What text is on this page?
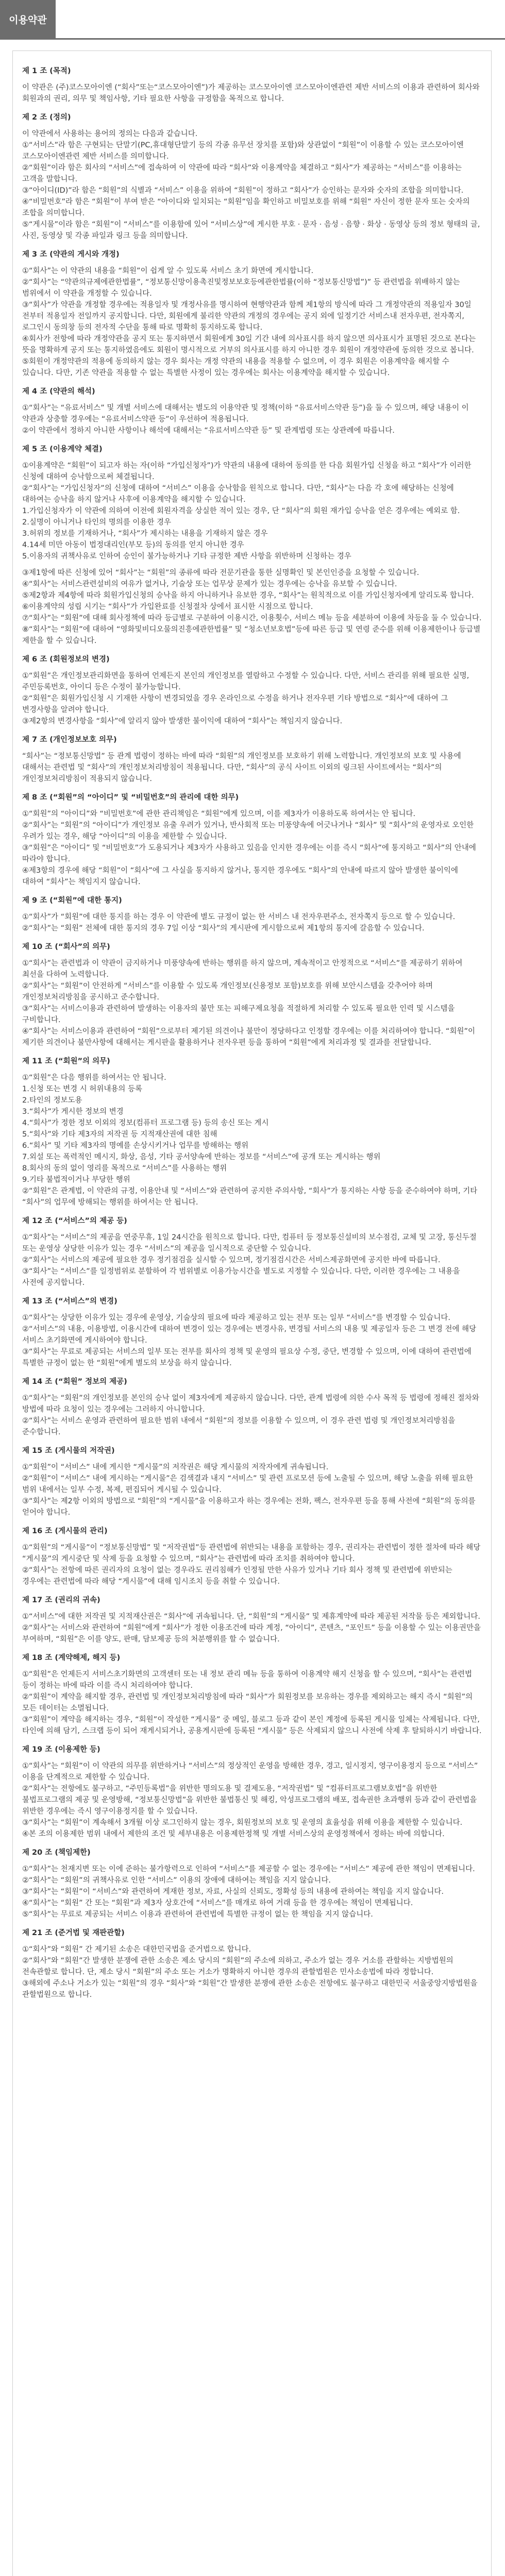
이용약관

제 1 조 (목적)

이 약관은 (주)코스모아이엔 (“회사”또는“코스모아이엔”)가 제공하는 코스모아이엔 코스모아이엔관련 제반 서비스의 이용과 관련하여 회사와 회원과의 권리, 의무 및 책임사항, 기타 필요한 사항을 규정함을 목적으로 합니다.

제 2 조 (정의)

이 약관에서 사용하는 용어의 정의는 다음과 같습니다.
①“서비스”라 함은 구현되는 단말기(PC,휴대형단말기 등의 각종 유무선 장치를 포함)와 상관없이 “회원”이 이용할 수 있는 코스모아이엔 코스모아이엔관련 제반 서비스를 의미합니다.
②“회원”이라 함은 회사의 “서비스”에 접속하여 이 약관에 따라 “회사”와 이용계약을 체결하고 “회사”가 제공하는 “서비스”를 이용하는 고객을 말합니다.
③“아이디(ID)”라 함은 “회원”의 식별과 “서비스” 이용을 위하여 “회원”이 정하고 “회사”가 승인하는 문자와 숫자의 조합을 의미합니다.
④“비밀번호”라 함은 “회원”이 부여 받은 “아이디와 일치되는 “회원”임을 확인하고 비밀보호를 위해 “회원” 자신이 정한 문자 또는 숫자의 조합을 의미합니다.
⑤“게시물”이라 함은 “회원”이 “서비스”를 이용함에 있어 “서비스상”에 게시한 부호 · 문자 · 음성 · 음향 · 화상 · 동영상 등의 정보 형태의 글, 사진, 동영상 및 각종 파일과 링크 등을 의미합니다.

제 3 조 (약관의 게시와 개정)

①“회사”는 이 약관의 내용을 “회원”이 쉽게 알 수 있도록 서비스 초기 화면에 게시합니다.
②“회사”는 “약관의규제에관한법률”, “정보통신망이용촉진및정보보호등에관한법률(이하 “정보통신망법”)” 등 관련법을 위배하지 않는 범위에서 이 약관을 개정할 수 있습니다.
③“회사”가 약관을 개정할 경우에는 적용일자 및 개정사유를 명시하여 현행약관과 함께 제1항의 방식에 따라 그 개정약관의 적용일자 30일 전부터 적용일자 전일까지 공지합니다. 다만, 회원에게 불리한 약관의 개정의 경우에는 공지 외에 일정기간 서비스내 전자우편, 전자쪽지, 로그인시 동의창 등의 전자적 수단을 통해 따로 명확히 통지하도록 합니다.
④회사가 전항에 따라 개정약관을 공지 또는 통지하면서 회원에게 30일 기간 내에 의사표시를 하지 않으면 의사표시가 표명된 것으로 본다는 뜻을 명확하게 공지 또는 통지하였음에도 회원이 명시적으로 거부의 의사표시를 하지 아니한 경우 회원이 개정약관에 동의한 것으로 봅니다.
⑤회원이 개정약관의 적용에 동의하지 않는 경우 회사는 개정 약관의 내용을 적용할 수 없으며, 이 경우 회원은 이용계약을 해지할 수 있습니다. 다만, 기존 약관을 적용할 수 없는 특별한 사정이 있는 경우에는 회사는 이용계약을 해지할 수 있습니다.

제 4 조 (약관의 해석)

①“회사”는 “유료서비스” 및 개별 서비스에 대해서는 별도의 이용약관 및 정책(이하 “유료서비스약관 등”)을 둘 수 있으며, 해당 내용이 이 약관과 상충할 경우에는 “유료서비스약관 등”이 우선하여 적용됩니다.
②이 약관에서 정하지 아니한 사항이나 해석에 대해서는 “유료서비스약관 등” 및 관계법령 또는 상관례에 따릅니다.

제 5 조 (이용계약 체결)

①이용계약은 “회원”이 되고자 하는 자(이하 “가입신청자”)가 약관의 내용에 대하여 동의를 한 다음 회원가입 신청을 하고 “회사”가 이러한 신청에 대하여 승낙함으로써 체결됩니다.
②“회사”는 “가입신청자”의 신청에 대하여 “서비스” 이용을 승낙함을 원칙으로 합니다. 다만, “회사”는 다음 각 호에 해당하는 신청에 대하여는 승낙을 하지 않거나 사후에 이용계약을 해지할 수 있습니다.
1.가입신청자가 이 약관에 의하여 이전에 회원자격을 상실한 적이 있는 경우, 단 “회사”의 회원 재가입 승낙을 얻은 경우에는 예외로 함.
2.실명이 아니거나 타인의 명의를 이용한 경우
3.허위의 정보를 기재하거나, “회사”가 제시하는 내용을 기재하지 않은 경우
4.14세 미만 아동이 법정대리인(부모 등)의 동의를 얻지 아니한 경우
5.이용자의 귀책사유로 인하여 승인이 불가능하거나 기타 규정한 제반 사항을 위반하며 신청하는 경우

③제1항에 따른 신청에 있어 “회사”는 “회원”의 종류에 따라 전문기관을 통한 실명확인 및 본인인증을 요청할 수 있습니다.
④“회사”는 서비스관련설비의 여유가 없거나, 기술상 또는 업무상 문제가 있는 경우에는 승낙을 유보할 수 있습니다.
⑤제2항과 제4항에 따라 회원가입신청의 승낙을 하지 아니하거나 유보한 경우, “회사”는 원칙적으로 이를 가입신청자에게 알리도록 합니다.
⑥이용계약의 성립 시기는 “회사”가 가입완료를 신청절차 상에서 표시한 시점으로 합니다.
⑦“회사”는 “회원”에 대해 회사정책에 따라 등급별로 구분하여 이용시간, 이용횟수, 서비스 메뉴 등을 세분하여 이용에 차등을 둘 수 있습니다.
⑧“회사”는 “회원”에 대하여 “영화및비디오물의진흥에관한법률” 및 “청소년보호법”등에 따른 등급 및 연령 준수를 위해 이용제한이나 등급별 제한을 할 수 있습니다.

제 6 조 (회원정보의 변경)

①“회원”은 개인정보관리화면을 통하여 언제든지 본인의 개인정보를 열람하고 수정할 수 있습니다. 다만, 서비스 관리를 위해 필요한 실명, 주민등록번호, 아이디 등은 수정이 불가능합니다.
②“회원”은 회원가입신청 시 기재한 사항이 변경되었을 경우 온라인으로 수정을 하거나 전자우편 기타 방법으로 “회사”에 대하여 그 변경사항을 알려야 합니다.
③제2항의 변경사항을 “회사”에 알리지 않아 발생한 불이익에 대하여 “회사”는 책임지지 않습니다.

제 7 조 (개인정보보호 의무)

“회사”는 “정보통신망법” 등 관계 법령이 정하는 바에 따라 “회원”의 개인정보를 보호하기 위해 노력합니다. 개인정보의 보호 및 사용에 대해서는 관련법 및 “회사”의 개인정보처리방침이 적용됩니다. 다만, “회사”의 공식 사이트 이외의 링크된 사이트에서는 “회사”의 개인정보처리방침이 적용되지 않습니다.

제 8 조 (“회원”의 “아이디” 및 “비밀번호”의 관리에 대한 의무)

①“회원”의 “아이디”와 “비밀번호”에 관한 관리책임은 “회원”에게 있으며, 이를 제3자가 이용하도록 하여서는 안 됩니다.
②“회사”는 “회원”의 “아이디”가 개인정보 유출 우려가 있거나, 반사회적 또는 미풍양속에 어긋나거나 “회사” 및 “회사”의 운영자로 오인한 우려가 있는 경우, 해당 “아이디”의 이용을 제한할 수 있습니다.
③“회원”은 “아이디” 및 “비밀번호”가 도용되거나 제3자가 사용하고 있음을 인지한 경우에는 이를 즉시 “회사”에 통지하고 “회사”의 안내에 따라야 합니다.
④제3항의 경우에 해당 “회원”이 “회사”에 그 사실을 통지하지 않거나, 통지한 경우에도 “회사”의 안내에 따르지 않아 발생한 불이익에 대하여 “회사”는 책임지지 않습니다.

제 9 조 (“회원”에 대한 통지)

①“회사”가 “회원”에 대한 통지를 하는 경우 이 약관에 별도 규정이 없는 한 서비스 내 전자우편주소, 전자쪽지 등으로 할 수 있습니다.
②“회사”는 “회원” 전체에 대한 통지의 경우 7일 이상 “회사”의 게시판에 게시함으로써 제1항의 통지에 갈음할 수 있습니다.

제 10 조 (“회사”의 의무)

①“회사”는 관련법과 이 약관이 금지하거나 미풍양속에 반하는 행위를 하지 않으며, 계속적이고 안정적으로 “서비스”를 제공하기 위하여 최선을 다하여 노력합니다.
②“회사”는 “회원”이 안전하게 “서비스”를 이용할 수 있도록 개인정보(신용정보 포함)보호를 위해 보안시스템을 갖추어야 하며 개인정보처리방침을 공시하고 준수합니다.
③“회사”는 서비스이용과 관련하여 발생하는 이용자의 불만 또는 피해구제요청을 적절하게 처리할 수 있도록 필요한 인력 및 시스템을 구비합니다.
④“회사”는 서비스이용과 관련하여 “회원”으로부터 제기된 의견이나 불만이 정당하다고 인정할 경우에는 이를 처리하여야 합니다. “회원”이 제기한 의견이나 불만사항에 대해서는 게시판을 활용하거나 전자우편 등을 통하여 “회원”에게 처리과정 및 결과를 전달합니다.

제 11 조 (“회원”의 의무)

①“회원”은 다음 행위를 하여서는 안 됩니다.
1.신청 또는 변경 시 허위내용의 등록
2.타인의 정보도용
3.“회사”가 게시한 정보의 변경
4.“회사”가 정한 정보 이외의 정보(컴퓨터 프로그램 등) 등의 송신 또는 게시
5.“회사”와 기타 제3자의 저작권 등 지적재산권에 대한 침해
6.“회사” 및 기타 제3자의 명예를 손상시키거나 업무를 방해하는 행위
7.외설 또는 폭력적인 메시지, 화상, 음성, 기타 공서양속에 반하는 정보를 “서비스”에 공개 또는 게시하는 행위
8.회사의 동의 없이 영리를 목적으로 “서비스”를 사용하는 행위
9.기타 불법적이거나 부당한 행위
②“회원”은 관계법, 이 약관의 규정, 이용안내 및 “서비스”와 관련하여 공지한 주의사항, “회사”가 통지하는 사항 등을 준수하여야 하며, 기타 “회사”의 업무에 방해되는 행위를 하여서는 안 됩니다.

제 12 조 (“서비스”의 제공 등)

①“회사”는 “서비스”의 제공을 연중무휴, 1일 24시간을 원칙으로 합니다. 다만, 컴퓨터 등 정보통신설비의 보수점검, 교체 및 고장, 통신두절 또는 운영상 상당한 이유가 있는 경우 “서비스”의 제공을 일시적으로 중단할 수 있습니다.
②“회사”는 서비스의 제공에 필요한 경우 정기점검을 실시할 수 있으며, 정기점검시간은 서비스제공화면에 공지한 바에 따릅니다.
③“회사”는 “서비스”를 일정범위로 분할하여 각 범위별로 이용가능시간을 별도로 지정할 수 있습니다. 다만, 이러한 경우에는 그 내용을 사전에 공지합니다.

제 13 조 (“서비스”의 변경)

①“회사”는 상당한 이유가 있는 경우에 운영상, 기술상의 필요에 따라 제공하고 있는 전부 또는 일부 “서비스”를 변경할 수 있습니다.
②“서비스”의 내용, 이용방법, 이용시간에 대하여 변경이 있는 경우에는 변경사유, 변경될 서비스의 내용 및 제공일자 등은 그 변경 전에 해당 서비스 초기화면에 게시하여야 합니다.
③“회사”는 무료로 제공되는 서비스의 일부 또는 전부를 회사의 정책 및 운영의 필요상 수정, 중단, 변경할 수 있으며, 이에 대하여 관련법에 특별한 규정이 없는 한 “회원”에게 별도의 보상을 하지 않습니다.

제 14 조 (“회원” 정보의 제공)

①“회사”는 “회원”의 개인정보를 본인의 승낙 없이 제3자에게 제공하지 않습니다. 다만, 관계 법령에 의한 수사 목적 등 법령에 정해진 절차와 방법에 따라 요청이 있는 경우에는 그러하지 아니합니다.
②“회사”는 서비스 운영과 관련하여 필요한 범위 내에서 “회원”의 정보를 이용할 수 있으며, 이 경우 관련 법령 및 개인정보처리방침을 준수합니다.

제 15 조 (게시물의 저작권)

①“회원”이 “서비스” 내에 게시한 “게시물”의 저작권은 해당 게시물의 저작자에게 귀속됩니다.
②“회원”이 “서비스” 내에 게시하는 “게시물”은 검색결과 내지 “서비스” 및 관련 프로모션 등에 노출될 수 있으며, 해당 노출을 위해 필요한 범위 내에서는 일부 수정, 복제, 편집되어 게시될 수 있습니다.
③“회사”는 제2항 이외의 방법으로 “회원”의 “게시물”을 이용하고자 하는 경우에는 전화, 팩스, 전자우편 등을 통해 사전에 “회원”의 동의를 얻어야 합니다.

제 16 조 (게시물의 관리)

①“회원”의 “게시물”이 “정보통신망법” 및 “저작권법”등 관련법에 위반되는 내용을 포함하는 경우, 권리자는 관련법이 정한 절차에 따라 해당 “게시물”의 게시중단 및 삭제 등을 요청할 수 있으며, “회사”는 관련법에 따라 조치를 취하여야 합니다.
②“회사”는 전항에 따른 권리자의 요청이 없는 경우라도 권리침해가 인정될 만한 사유가 있거나 기타 회사 정책 및 관련법에 위반되는 경우에는 관련법에 따라 해당 “게시물”에 대해 임시조치 등을 취할 수 있습니다.

제 17 조 (권리의 귀속)

①“서비스”에 대한 저작권 및 지적재산권은 “회사”에 귀속됩니다. 단, “회원”의 “게시물” 및 제휴계약에 따라 제공된 저작물 등은 제외합니다.
②“회사”는 서비스와 관련하여 “회원”에게 “회사”가 정한 이용조건에 따라 계정, “아이디”, 콘텐츠, “포인트” 등을 이용할 수 있는 이용권만을 부여하며, “회원”은 이를 양도, 판매, 담보제공 등의 처분행위를 할 수 없습니다.

제 18 조 (계약해제, 해지 등)

①“회원”은 언제든지 서비스초기화면의 고객센터 또는 내 정보 관리 메뉴 등을 통하여 이용계약 해지 신청을 할 수 있으며, “회사”는 관련법 등이 정하는 바에 따라 이를 즉시 처리하여야 합니다.
②“회원”이 계약을 해지할 경우, 관련법 및 개인정보처리방침에 따라 “회사”가 회원정보를 보유하는 경우를 제외하고는 해지 즉시 “회원”의 모든 데이터는 소멸됩니다.
③“회원”이 계약을 해지하는 경우, “회원”이 작성한 “게시물” 중 메일, 블로그 등과 같이 본인 계정에 등록된 게시물 일체는 삭제됩니다. 다만, 타인에 의해 담기, 스크랩 등이 되어 재게시되거나, 공용게시판에 등록된 “게시물” 등은 삭제되지 않으니 사전에 삭제 후 탈퇴하시기 바랍니다.

제 19 조 (이용제한 등)

①“회사”는 “회원”이 이 약관의 의무를 위반하거나 “서비스”의 정상적인 운영을 방해한 경우, 경고, 일시정지, 영구이용정지 등으로 “서비스” 이용을 단계적으로 제한할 수 있습니다.
②“회사”는 전항에도 불구하고, “주민등록법”을 위반한 명의도용 및 결제도용, “저작권법” 및 “컴퓨터프로그램보호법”을 위반한 불법프로그램의 제공 및 운영방해, “정보통신망법”을 위반한 불법통신 및 해킹, 악성프로그램의 배포, 접속권한 초과행위 등과 같이 관련법을 위반한 경우에는 즉시 영구이용정지를 할 수 있습니다.
③“회사”는 “회원”이 계속해서 3개월 이상 로그인하지 않는 경우, 회원정보의 보호 및 운영의 효율성을 위해 이용을 제한할 수 있습니다.
④본 조의 이용제한 범위 내에서 제한의 조건 및 세부내용은 이용제한정책 및 개별 서비스상의 운영정책에서 정하는 바에 의합니다.

제 20 조 (책임제한)

①“회사”는 천재지변 또는 이에 준하는 불가항력으로 인하여 “서비스”를 제공할 수 없는 경우에는 “서비스” 제공에 관한 책임이 면제됩니다.
②“회사”는 “회원”의 귀책사유로 인한 “서비스” 이용의 장애에 대하여는 책임을 지지 않습니다.
③“회사”는 “회원”이 “서비스”와 관련하여 게재한 정보, 자료, 사실의 신뢰도, 정확성 등의 내용에 관하여는 책임을 지지 않습니다.
④“회사”는 “회원” 간 또는 “회원”과 제3자 상호간에 “서비스”를 매개로 하여 거래 등을 한 경우에는 책임이 면제됩니다.
⑤“회사”는 무료로 제공되는 서비스 이용과 관련하여 관련법에 특별한 규정이 없는 한 책임을 지지 않습니다.

제 21 조 (준거법 및 재판관할)

①“회사”와 “회원” 간 제기된 소송은 대한민국법을 준거법으로 합니다.
②“회사”와 “회원”간 발생한 분쟁에 관한 소송은 제소 당시의 “회원”의 주소에 의하고, 주소가 없는 경우 거소를 관할하는 지방법원의 전속관할로 합니다. 단, 제소 당시 “회원”의 주소 또는 거소가 명확하지 아니한 경우의 관할법원은 민사소송법에 따라 정합니다.
③해외에 주소나 거소가 있는 “회원”의 경우 “회사”와 “회원”간 발생한 분쟁에 관한 소송은 전항에도 불구하고 대한민국 서울중앙지방법원을 관할법원으로 합니다.
